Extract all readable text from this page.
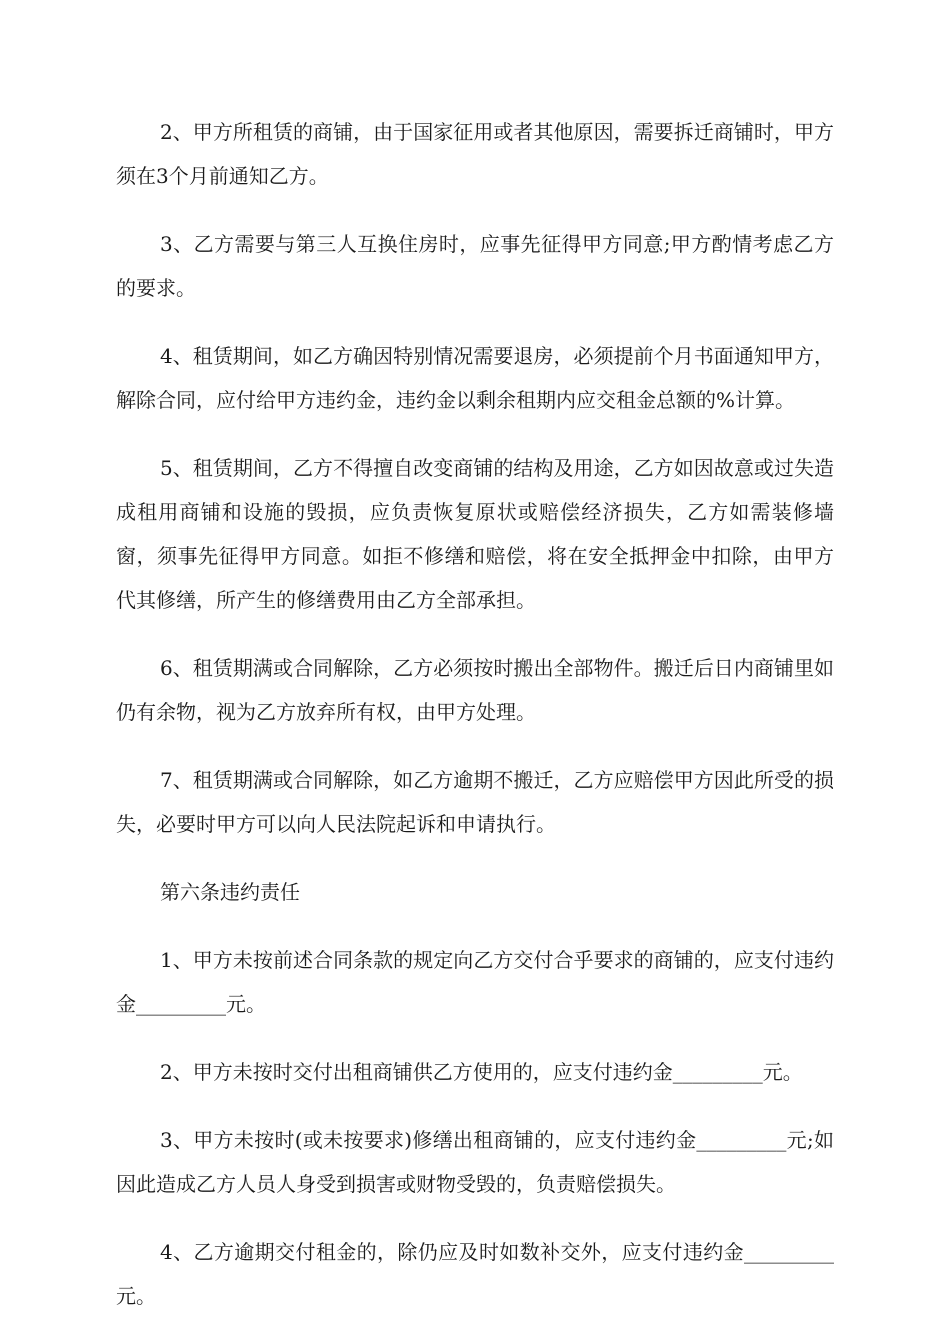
2、甲方所租赁的商铺，由于国家征用或者其他原因，需要拆迁商铺时，甲方须在3个月前通知乙方。

3、乙方需要与第三人互换住房时，应事先征得甲方同意;甲方酌情考虑乙方的要求。

4、租赁期间，如乙方确因特别情况需要退房，必须提前个月书面通知甲方，解除合同，应付给甲方违约金，违约金以剩余租期内应交租金总额的%计算。

5、租赁期间，乙方不得擅自改变商铺的结构及用途，乙方如因故意或过失造成租用商铺和设施的毁损，应负责恢复原状或赔偿经济损失，乙方如需装修墙窗，须事先征得甲方同意。如拒不修缮和赔偿，将在安全抵押金中扣除，由甲方代其修缮，所产生的修缮费用由乙方全部承担。

6、租赁期满或合同解除，乙方必须按时搬出全部物件。搬迁后日内商铺里如仍有余物，视为乙方放弃所有权，由甲方处理。

7、租赁期满或合同解除，如乙方逾期不搬迁，乙方应赔偿甲方因此所受的损失，必要时甲方可以向人民法院起诉和申请执行。

第六条违约责任

1、甲方未按前述合同条款的规定向乙方交付合乎要求的商铺的，应支付违约金_________元。

2、甲方未按时交付出租商铺供乙方使用的，应支付违约金_________元。

3、甲方未按时(或未按要求)修缮出租商铺的，应支付违约金_________元;如因此造成乙方人员人身受到损害或财物受毁的，负责赔偿损失。

4、乙方逾期交付租金的，除仍应及时如数补交外，应支付违约金_________元。
